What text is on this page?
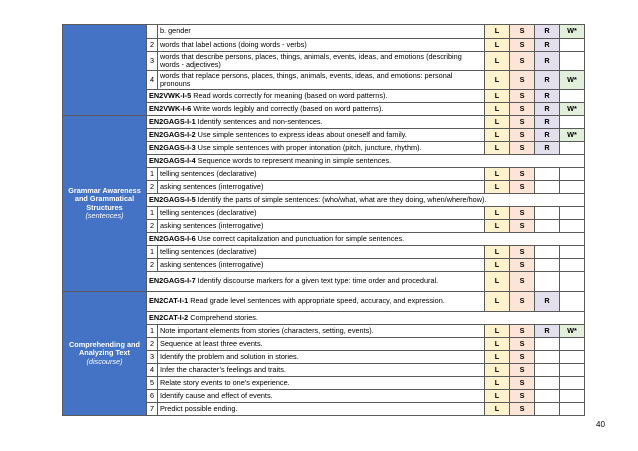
		b. gender	L	S	R	W*
	2	words that label actions (doing words - verbs)	L	S	R	
	3	words that describe persons, places, things, animals, events, ideas, and emotions (describing words - adjectives)	L	S	R	
	4	words that replace persons, places, things, animals, events, ideas, and emotions: personal pronouns	L	S	R	W*
	EN2VWK-I-5 Read words correctly for meaning (based on word patterns).		L	S	R	
	EN2VWK-I-6 Write words legibly and correctly (based on word patterns).		L	S	R	W*

Grammar Awareness and Grammatical Structures
(sentences)	EN2GAGS-I-1 Identify sentences and non-sentences.		L	S	R	
	EN2GAGS-I-2 Use simple sentences to express ideas about oneself and family.		L	S	R	W*
	EN2GAGS-I-3 Use simple sentences with proper intonation (pitch, juncture, rhythm).		L	S	R	
	EN2GAGS-I-4 Sequence words to represent meaning in simple sentences.					
	1	telling sentences (declarative)	L	S		
	2	asking sentences (interrogative)	L	S		
	EN2GAGS-I-5 Identify the parts of simple sentences: (who/what, what are they doing, when/where/how).					
	1	telling sentences (declarative)	L	S		
	2	asking sentences (interrogative)	L	S		
	EN2GAGS-I-6 Use correct capitalization and punctuation for simple sentences.					
	1	telling sentences (declarative)	L	S		
	2	asking sentences (interrogative)	L	S		
	EN2GAGS-I-7 Identify discourse markers for a given text type: time order and procedural.		L	S		

Comprehending and Analyzing Text
(discourse)	EN2CAT-I-1 Read grade level sentences with appropriate speed, accuracy, and expression.		L	S	R	
	EN2CAT-I-2 Comprehend stories.					
	1	Note important elements from stories (characters, setting, events).	L	S	R	W*
	2	Sequence at least three events.	L	S		
	3	Identify the problem and solution in stories.	L	S		
	4	Infer the character’s feelings and traits.	L	S		
	5	Relate story events to one’s experience.	L	S		
	6	Identify cause and effect of events.	L	S		
	7	Predict possible ending.	L	S		
40
